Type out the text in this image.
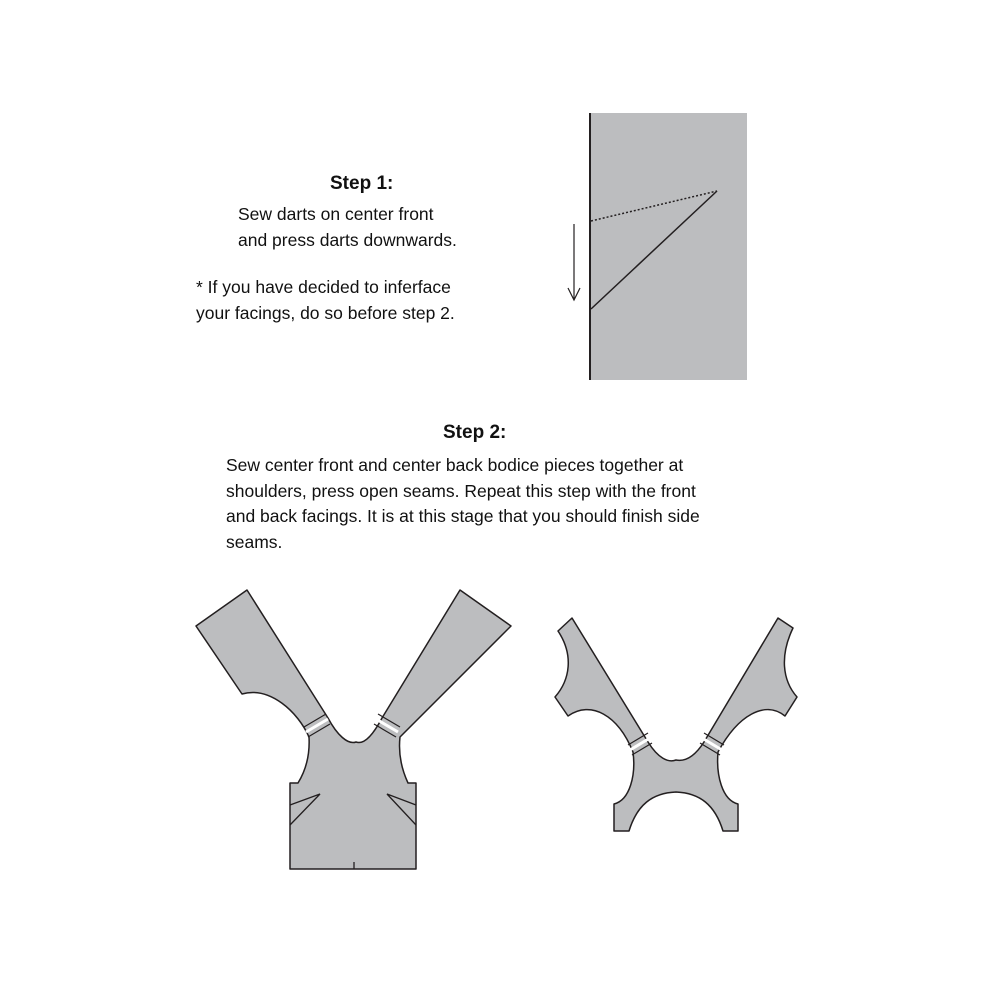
Step 1:
Sew darts on center front
and press darts downwards.
* If you have decided to inferface
your facings, do so before step 2.
Step 2:
Sew center front and center back bodice pieces together at
shoulders, press open seams. Repeat this step with the front
and back facings. It is at this stage that you should finish side
seams.
